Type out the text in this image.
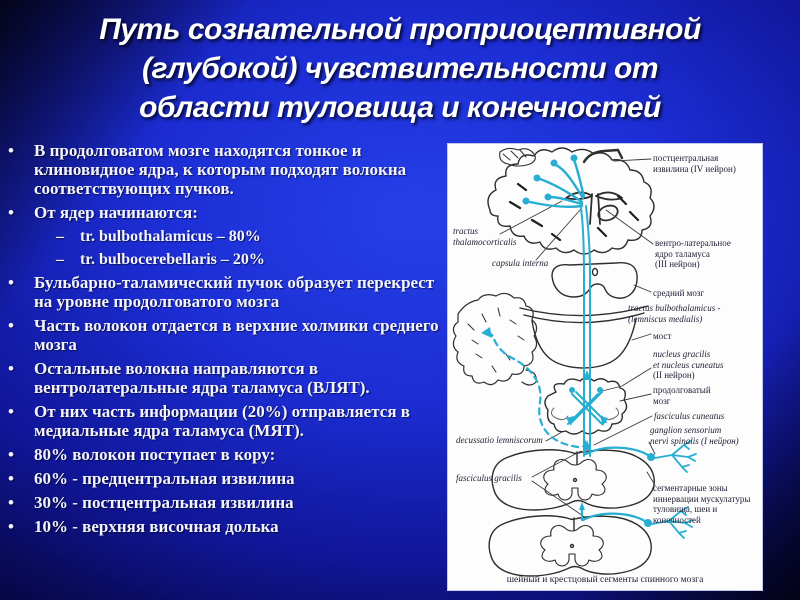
Путь сознательной проприоцептивной
(глубокой) чувствительности от
области туловища и конечностей
•	В продолговатом мозге находятся тонкое и клиновидное ядра, к которым подходят волокна соответствующих пучков.
•	От ядер начинаются:
–	tr. bulbothalamicus – 80%
–	tr. bulbocerebellaris – 20%
•	Бульбарно-таламический пучок образует перекрест на уровне продолговатого мозга
•	Часть волокон отдается в верхние холмики среднего мозга
•	Остальные волокна направляются в вентролатеральные ядра таламуса (ВЛЯТ).
•	От них часть информации (20%) отправляется в медиальные ядра таламуса (МЯТ).
•	80% волокон поступает в кору:
•	60% - предцентральная извилина
•	30% - постцентральная извилина
•	10% - верхняя височная долька
постцентральная
извилина (IV нейрон)
вентро-латеральное
ядро таламуса
(III нейрон)
средний мозг
tractus bulbothalamicus -
(lemniscus medialis)
мост
nucleus gracilis
et nucleus cuneatus
(II нейрон)
продолговатый
мозг
fasciculus cuneatus
ganglion sensorium
nervi spinalis (I нейрон)
сегментарные зоны
иннервации мускулатуры
туловища, шеи и
конечностей
tractus
thalamocorticalis
capsula interna
decussatio lemniscorum
fasciculus gracilis
шейный и крестцовый сегменты спинного мозга
